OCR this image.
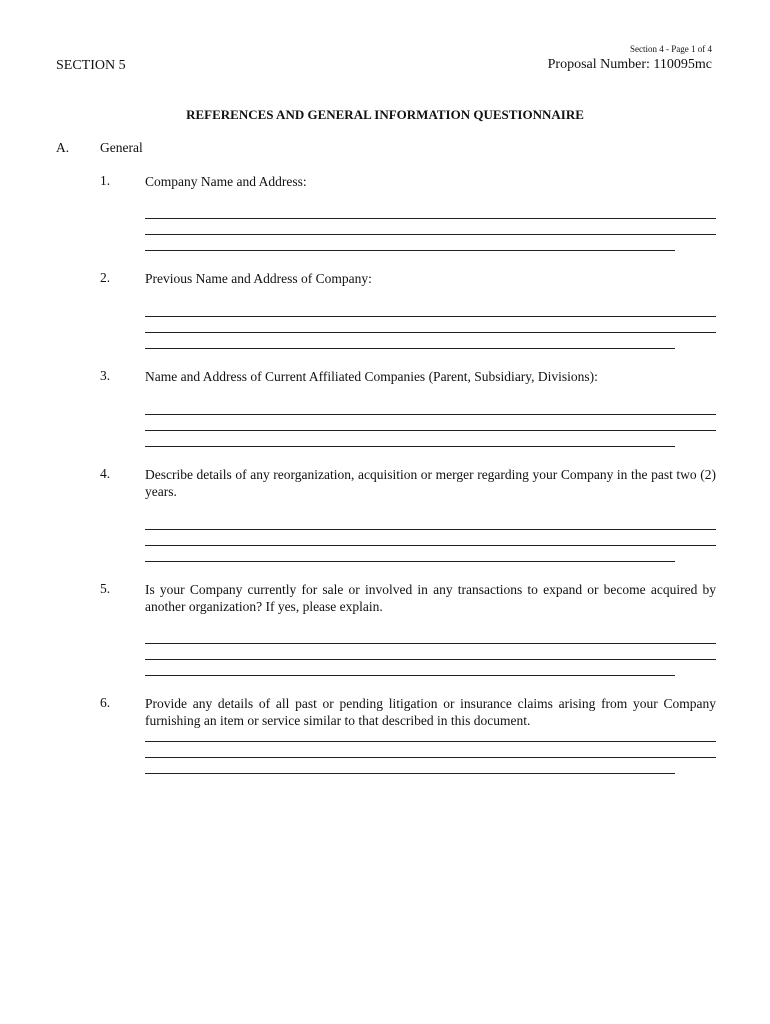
Section 4 - Page 1 of 4
SECTION 5	Proposal Number: 110095mc
REFERENCES AND GENERAL INFORMATION QUESTIONNAIRE
A. General
1.	Company Name and Address:
2.	Previous Name and Address of Company:
3.	Name and Address of Current Affiliated Companies (Parent, Subsidiary, Divisions):
4.	Describe details of any reorganization, acquisition or merger regarding your Company in the past two (2) years.
5.	Is your Company currently for sale or involved in any transactions to expand or become acquired by another organization? If yes, please explain.
6.	Provide any details of all past or pending litigation or insurance claims arising from your Company furnishing an item or service similar to that described in this document.
